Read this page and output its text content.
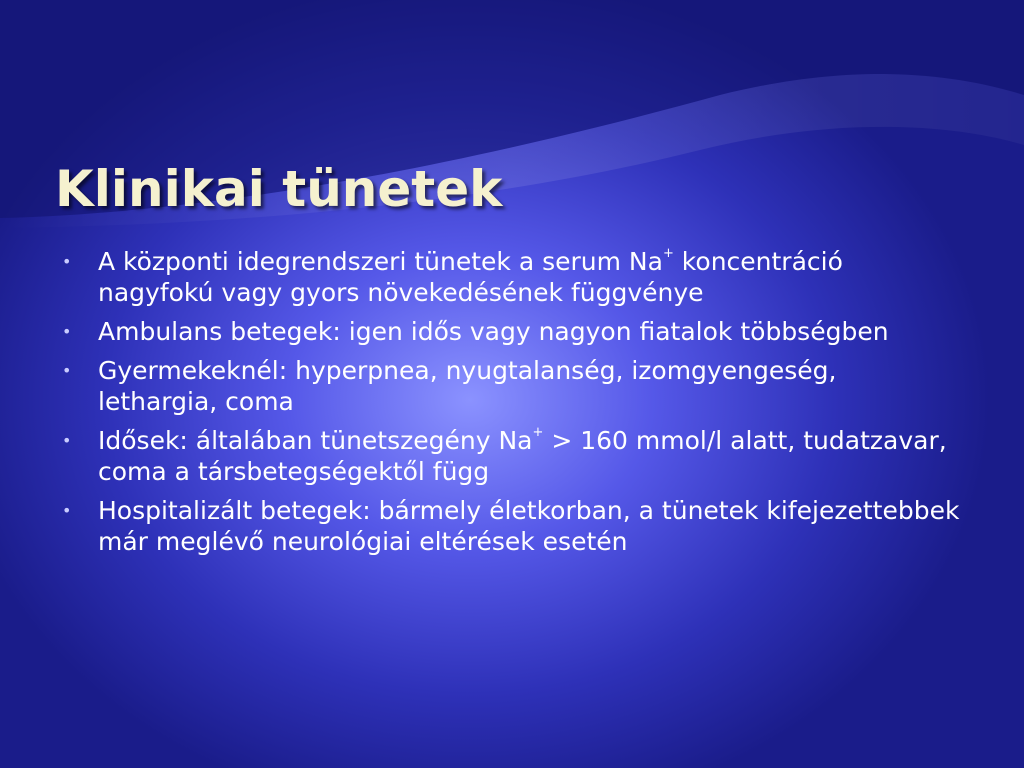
Klinikai tünetek
• A központi idegrendszeri tünetek a serum Na+ koncentráció nagyfokú vagy gyors növekedésének függvénye
• Ambulans betegek: igen idős vagy nagyon fiatalok többségben
• Gyermekeknél: hyperpnea, nyugtalanség, izomgyengeség, lethargia, coma
• Idősek: általában tünetszegény Na+ > 160 mmol/l alatt, tudatzavar, coma a társbetegségektől függ
• Hospitalizált betegek: bármely életkorban, a tünetek kifejezettebbek már meglévő neurológiai eltérések esetén
